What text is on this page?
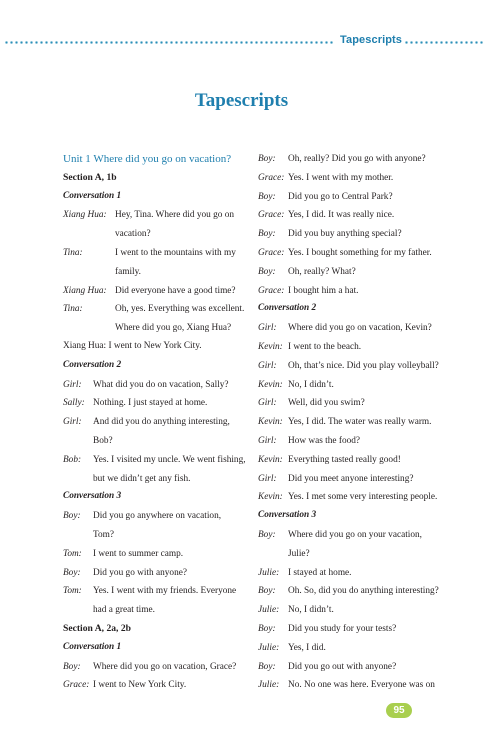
Tapescripts
Tapescripts
Unit 1 Where did you go on vacation?
Section A, 1b
Conversation 1
Xiang Hua: Hey, Tina. Where did you go on
vacation?
Tina:	I went to the mountains with my
family.
Xiang Hua: Did everyone have a good time?
Tina:	Oh, yes. Everything was excellent.
Where did you go, Xiang Hua?
Xiang Hua: I went to New York City.
Conversation 2
Girl: What did you do on vacation, Sally?
Sally: Nothing. I just stayed at home.
Girl: And did you do anything interesting,
Bob?
Bob: Yes. I visited my uncle. We went fishing,
but we didn’t get any fish.
Conversation 3
Boy: Did you go anywhere on vacation,
Tom?
Tom: I went to summer camp.
Boy: Did you go with anyone?
Tom: Yes. I went with my friends. Everyone
had a great time.
Section A, 2a, 2b
Conversation 1
Boy: Where did you go on vacation, Grace?
Grace: I went to New York City.
Boy: Oh, really? Did you go with anyone?
Grace: Yes. I went with my mother.
Boy: Did you go to Central Park?
Grace: Yes, I did. It was really nice.
Boy: Did you buy anything special?
Grace: Yes. I bought something for my father.
Boy: Oh, really? What?
Grace: I bought him a hat.
Conversation 2
Girl: Where did you go on vacation, Kevin?
Kevin: I went to the beach.
Girl: Oh, that’s nice. Did you play volleyball?
Kevin: No, I didn’t.
Girl: Well, did you swim?
Kevin: Yes, I did. The water was really warm.
Girl: How was the food?
Kevin: Everything tasted really good!
Girl: Did you meet anyone interesting?
Kevin: Yes. I met some very interesting people.
Conversation 3
Boy: Where did you go on your vacation,
Julie?
Julie: I stayed at home.
Boy: Oh. So, did you do anything interesting?
Julie: No, I didn’t.
Boy: Did you study for your tests?
Julie: Yes, I did.
Boy: Did you go out with anyone?
Julie: No. No one was here. Everyone was on
95
